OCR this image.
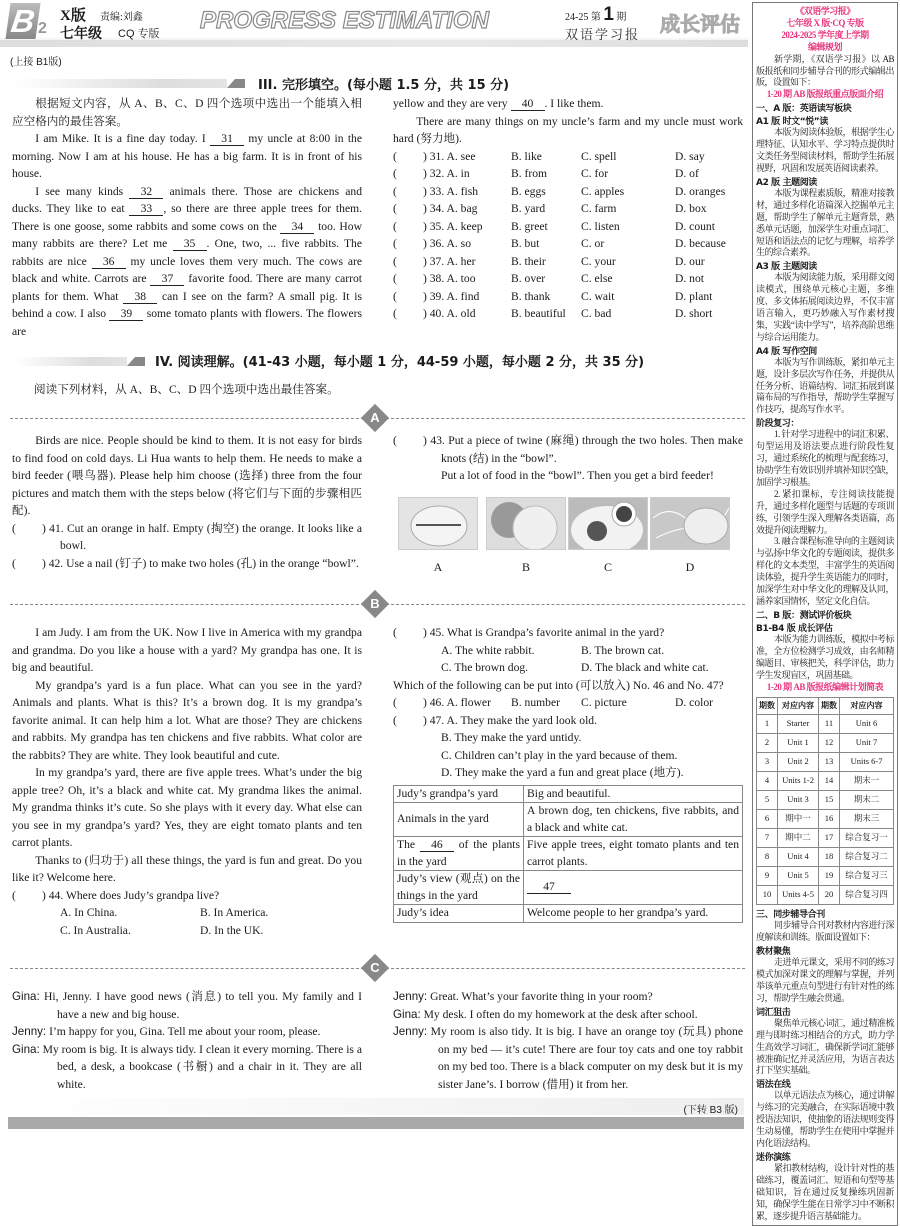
B 2
X版 责编:刘鑫
七年级 CQ 专版 PROGRESS ESTIMATION	24-25 第 1 期
双语学习报 成长评估
(上接 B1版)
III. 完形填空。(每小题 1.5 分，共 15 分)

根据短文内容，从 A、B、C、D 四个选项中选出一个能填入相应空格内的最佳答案。

I am Mike. It is a fine day today. I 31 my uncle at 8:00 in the morning. Now I am at his house. He has a big farm. It is in front of his house.

I see many kinds 32 animals there. Those are chickens and ducks. They like to eat 33 , so there are three apple trees for them. There is one goose, some rabbits and some cows on the 34 too. How many rabbits are there? Let me 35 . One, two, ... five rabbits. The rabbits are nice 36 my uncle loves them very much. The cows are black and white. Carrots are 37 favorite food. There are many carrot plants for them. What 38 can I see on the farm? A small pig. It is behind a cow. I also 39 some tomato plants with flowers. The flowers are

yellow and they are very 40 . I like them.

There are many things on my uncle’s farm and my uncle must work hard (努力地).

( ) 31. A. see	B. like	C. spell	D. say
( ) 32. A. in	B. from	C. for	D. of
( ) 33. A. fish	B. eggs	C. apples	D. oranges
( ) 34. A. bag	B. yard	C. farm	D. box
( ) 35. A. keep	B. greet	C. listen	D. count
( ) 36. A. so	B. but	C. or	D. because
( ) 37. A. her	B. their	C. your	D. our
( ) 38. A. too	B. over	C. else	D. not
( ) 39. A. find	B. thank	C. wait	D. plant
( ) 40. A. old	B. beautiful	C. bad	D. short
IV. 阅读理解。(41-43 小题，每小题 1 分，44-59 小题，每小题 2 分，共 35 分)
阅读下列材料，从 A、B、C、D 四个选项中选出最佳答案。
A

Birds are nice. People should be kind to them. It is not easy for birds to find food on cold days. Li Hua wants to help them. He needs to make a bird feeder (喂鸟器). Please help him choose (选择) three from the four pictures and match them with the steps below (将它们与下面的步骤相匹配).

( ) 41. Cut an orange in half. Empty (掏空) the orange. It looks like a bowl.
( ) 42. Use a nail (钉子) to make two holes (孔) in the orange “bowl”.
( ) 43. Put a piece of twine (麻绳) through the two holes. Then make knots (结) in the “bowl”.
Put a lot of food in the “bowl”. Then you get a bird feeder!
A	B	C	D
B

I am Judy. I am from the UK. Now I live in America with my grandpa and grandma. Do you like a house with a yard? My grandpa has one. It is big and beautiful.

My grandpa’s yard is a fun place. What can you see in the yard? Animals and plants. What is this? It’s a brown dog. It is my grandpa’s favorite animal. It can help him a lot. What are those? They are chickens and rabbits. My grandpa has ten chickens and five rabbits. What color are the rabbits? They are white. They look beautiful and cute.

In my grandpa’s yard, there are five apple trees. What’s under the big apple tree? Oh, it’s a black and white cat. My grandma likes the animal. My grandma thinks it’s cute. So she plays with it every day. What else can you see in my grandpa’s yard? Yes, they are eight tomato plants and ten carrot plants.

Thanks to (归功于) all these things, the yard is fun and great. Do you like it? Welcome here.

( ) 44. Where does Judy’s grandpa live?
A. In China.	B. In America.
C. In Australia.	D. In the UK.
( ) 45. What is Grandpa’s favorite animal in the yard?
A. The white rabbit.	B. The brown cat.
C. The brown dog.	D. The black and white cat.
Which of the following can be put into (可以放入) No. 46 and No. 47?
( ) 46. A. flower	B. number	C. picture	D. color
( ) 47. A. They make the yard look old.
B. They make the yard untidy.
C. Children can’t play in the yard because of them.
D. They make the yard a fun and great place (地方).
Judy’s grandpa’s yard	Big and beautiful.
Animals in the yard	A brown dog, ten chickens, five rabbits, and a black and white cat.
The 46 of the plants in the yard	Five apple trees, eight tomato plants and ten carrot plants.
Judy’s view (观点) on the things in the yard	47
Judy’s idea	Welcome people to her grandpa’s yard.
C
Gina: Hi, Jenny. I have good news (消息) to tell you. My family and I have a new and big house.
Jenny: I’m happy for you, Gina. Tell me about your room, please.
Gina: My room is big. It is always tidy. I clean it every morning. There is a bed, a desk, a bookcase (书橱) and a chair in it. They are all white.
Jenny: Great. What’s your favorite thing in your room?
Gina: My desk. I often do my homework at the desk after school.
Jenny: My room is also tidy. It is big. I have an orange toy (玩具) phone on my bed — it’s cute! There are four toy cats and one toy rabbit on my bed too. There is a black computer on my desk but it is my sister Jane’s. I borrow (借用) it from her.
(下转 B3 版)
《双语学习报》
七年级 X 版·CQ 专版
2024-2025 学年度上学期
编辑规划

新学期，《双语学习报》以 AB 版报纸和同步辅导合刊的形式编辑出版，设置如下：

1-20 期 AB 版报纸重点版面介绍
一、A 版：英语读写板块
A1 版 时文“悦”读

本版为阅读体验版，根据学生心理特征、认知水平、学习特点提供时文类任务型阅读材料，帮助学生拓展视野，巩固和发展英语阅读素养。

A2 版 主题阅读

本版为课程素质版，精准对接教材，通过多样化语篇深入挖掘单元主题，帮助学生了解单元主题背景，熟悉单元话题，加深学生对重点词汇、短语和语法点的记忆与理解，培养学生的综合素养。

A3 版 主题阅读

本版为阅读能力版，采用群文阅读模式，围绕单元核心主题，多维度、多文体拓展阅读边界，不仅丰富语言输入，更巧妙融入写作素材搜集，实践“读中学写”，培养高阶思维与综合运用能力。

A4 版 写作空间

本版为写作训练版，紧扣单元主题，设计多层次写作任务，并提供从任务分析、语篇结构、词汇拓展到谋篇布局的写作指导，帮助学生掌握写作技巧，提高写作水平。

阶段复习：

1. 针对学习进程中的词汇积累、句型运用及语法要点进行阶段性复习，通过系统化的梳理与配套练习，协助学生有效识别并填补知识空缺，加固学习根基。

2. 紧扣课标，专注阅读技能提升，通过多样化题型与话题的专项训练，引领学生深入理解各类语篇，高效提升阅读理解力。

3. 融合课程标准导向的主题阅读与弘扬中华文化的专题阅读，提供多样化的文本类型，丰富学生的英语阅读体验，提升学生英语能力的同时，加深学生对中华文化的理解及认同，涵养家国情怀，坚定文化自信。

二、B 版：测试评价板块
B1-B4 版 成长评估

本版为能力训练版，模拟中考标准，全方位检测学习成效，由名师精编题目、审核把关，科学评估，助力学生发现盲区，巩固基础。

1-20 期 AB 版报纸编辑计划简表
期数	对应内容	期数	对应内容
1	Starter	11	Unit 6
2	Unit 1	12	Unit 7
3	Unit 2	13	Units 6-7
4	Units 1-2	14	期末一
5	Unit 3	15	期末二
6	期中一	16	期末三
7	期中二	17	综合复习一
8	Unit 4	18	综合复习二
9	Unit 5	19	综合复习三
10	Units 4-5	20	综合复习四
三、同步辅导合刊

同步辅导合刊对教材内容进行深度解读和训练。版面设置如下：

教材聚焦

走进单元课文，采用不同的练习模式加深对课文的理解与掌握，并列举该单元重点句型进行有针对性的练习，帮助学生融会贯通。

词汇狙击

聚焦单元核心词汇，通过精准梳理与即时练习相结合的方式，助力学生高效学习词汇，确保新学词汇能够被准确记忆并灵活应用，为语言表达打下坚实基础。

语法在线

以单元语法点为核心，通过讲解与练习的完美融合，在实际语境中教授语法知识，使抽象的语法规则变得生动易懂，帮助学生在使用中掌握并内化语法结构。

迷你演练

紧扣教材结构，设计针对性的基础练习，覆盖词汇、短语和句型等基础知识，旨在通过反复操练巩固新知，确保学生能在日常学习中不断积累，逐步提升语言基础能力。
